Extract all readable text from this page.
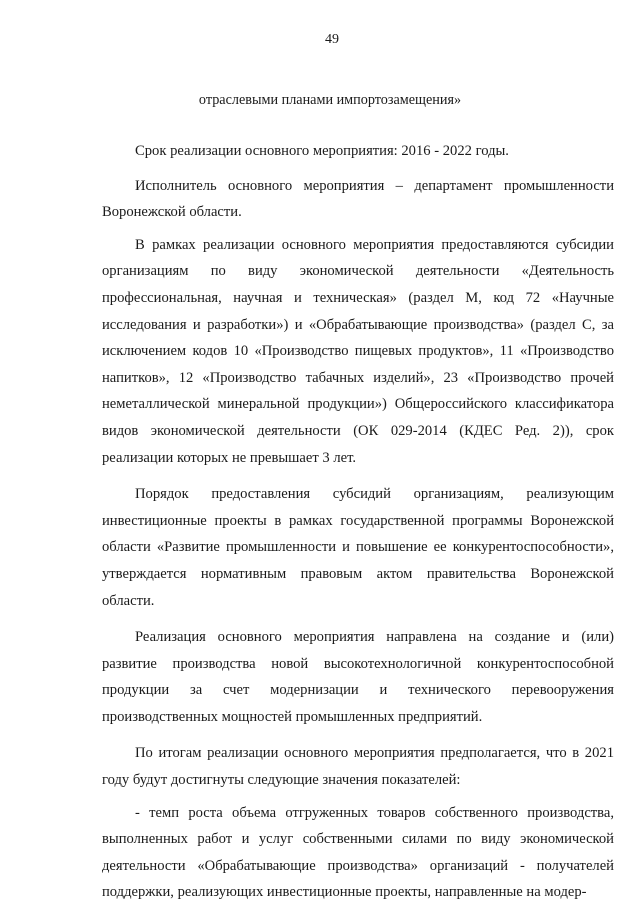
49
отраслевыми планами импортозамещения»

Срок реализации основного мероприятия: 2016 - 2022 годы.

Исполнитель основного мероприятия – департамент промышленности Воронежской области.

В рамках реализации основного мероприятия предоставляются субсидии организациям по виду экономической деятельности «Деятельность профессиональная, научная и техническая» (раздел М, код 72 «Научные исследования и разработки») и «Обрабатывающие производства» (раздел С, за исключением кодов 10 «Производство пищевых продуктов», 11 «Производство напитков», 12 «Производство табачных изделий», 23 «Производство прочей неметаллической минеральной продукции») Общероссийского классификатора видов экономической деятельности (ОК 029-2014 (КДЕС Ред. 2)), срок реализации которых не превышает 3 лет.

Порядок предоставления субсидий организациям, реализующим инвестиционные проекты в рамках государственной программы Воронежской области «Развитие промышленности и повышение ее конкурентоспособности», утверждается нормативным правовым актом правительства Воронежской области.

Реализация основного мероприятия направлена на создание и (или) развитие производства новой высокотехнологичной конкурентоспособной продукции за счет модернизации и технического перевооружения производственных мощностей промышленных предприятий.

По итогам реализации основного мероприятия предполагается, что в 2021 году будут достигнуты следующие значения показателей:

- темп роста объема отгруженных товаров собственного производства, выполненных работ и услуг собственными силами по виду экономической деятельности «Обрабатывающие производства» организаций - получателей поддержки, реализующих инвестиционные проекты, направленные на модер-
